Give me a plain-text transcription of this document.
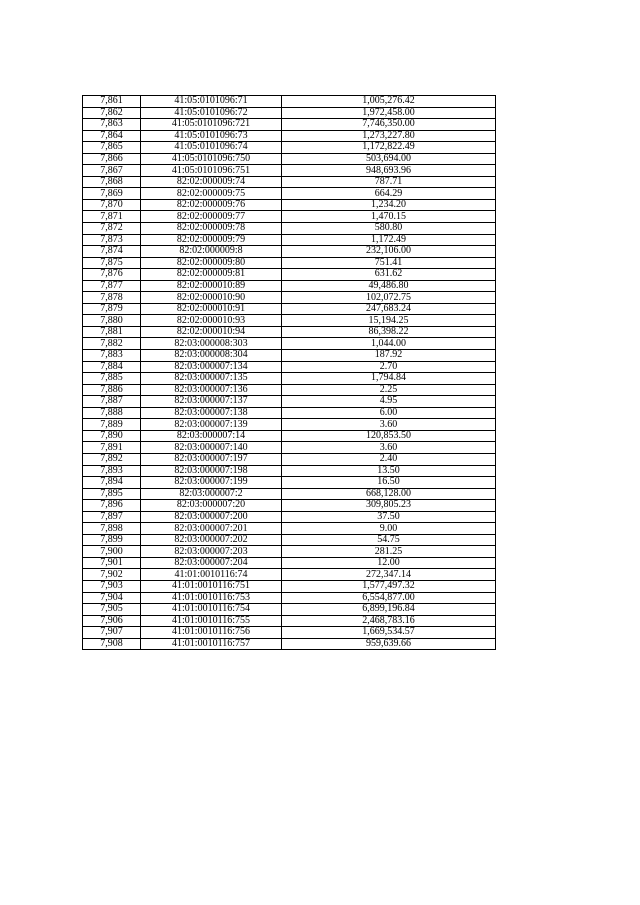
7,861	41:05:0101096:71	1,005,276.42
7,862	41:05:0101096:72	1,972,458.00
7,863	41:05:0101096:721	7,746,350.00
7,864	41:05:0101096:73	1,273,227.80
7,865	41:05:0101096:74	1,172,822.49
7,866	41:05:0101096:750	503,694.00
7,867	41:05:0101096:751	948,693.96
7,868	82:02:000009:74	787.71
7,869	82:02:000009:75	664.29
7,870	82:02:000009:76	1,234.20
7,871	82:02:000009:77	1,470.15
7,872	82:02:000009:78	580.80
7,873	82:02:000009:79	1,172.49
7,874	82:02:000009:8	232,106.00
7,875	82:02:000009:80	751.41
7,876	82:02:000009:81	631.62
7,877	82:02:000010:89	49,486.80
7,878	82:02:000010:90	102,072.75
7,879	82:02:000010:91	247,683.24
7,880	82:02:000010:93	15,194.25
7,881	82:02:000010:94	86,398.22
7,882	82:03:000008:303	1,044.00
7,883	82:03:000008:304	187.92
7,884	82:03:000007:134	2.70
7,885	82:03:000007:135	1,794.84
7,886	82:03:000007:136	2.25
7,887	82:03:000007:137	4.95
7,888	82:03:000007:138	6.00
7,889	82:03:000007:139	3.60
7,890	82:03:000007:14	120,853.50
7,891	82:03:000007:140	3.60
7,892	82:03:000007:197	2.40
7,893	82:03:000007:198	13.50
7,894	82:03:000007:199	16.50
7,895	82:03:000007:2	668,128.00
7,896	82:03:000007:20	309,805.23
7,897	82:03:000007:200	37.50
7,898	82:03:000007:201	9.00
7,899	82:03:000007:202	54.75
7,900	82:03:000007:203	281.25
7,901	82:03:000007:204	12.00
7,902	41:01:0010116:74	272,347.14
7,903	41:01:0010116:751	1,577,497.32
7,904	41:01:0010116:753	6,554,877.00
7,905	41:01:0010116:754	6,899,196.84
7,906	41:01:0010116:755	2,468,783.16
7,907	41:01:0010116:756	1,669,534.57
7,908	41:01:0010116:757	959,639.66
